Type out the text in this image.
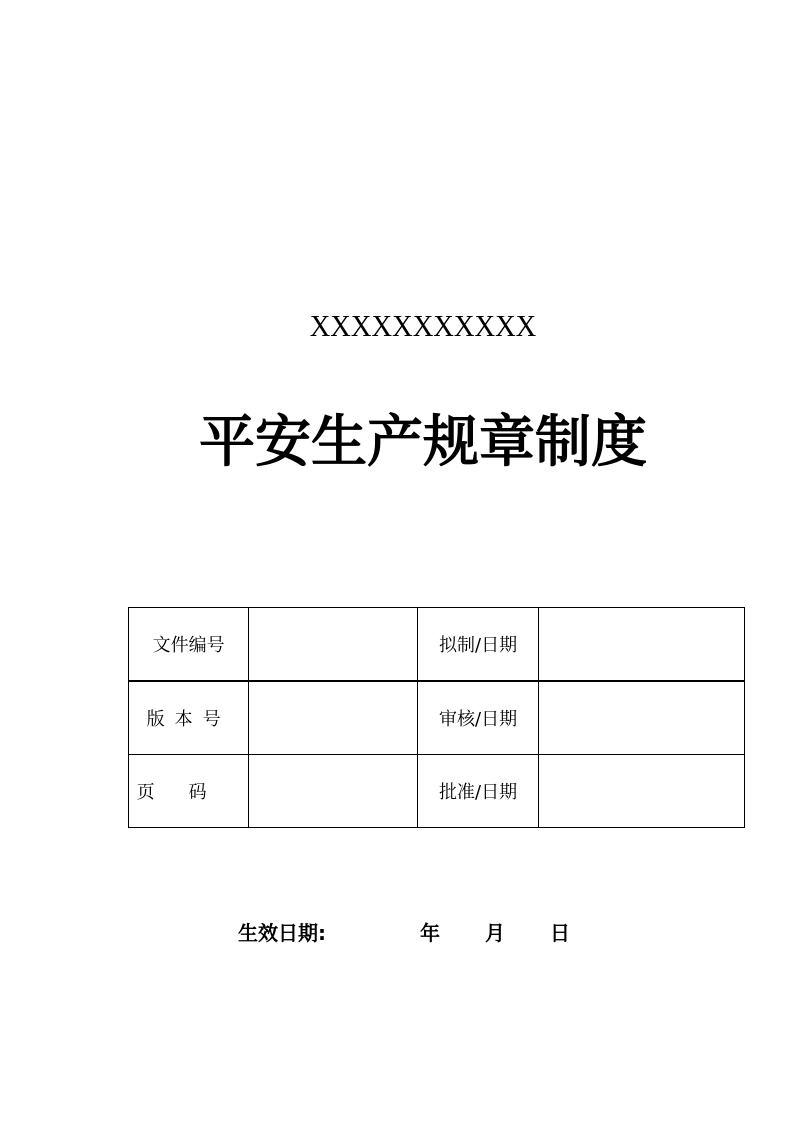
XXXXXXXXXXX
平安生产规章制度
文件编号		拟制/日期	
版本号		审核/日期	
页码		批准/日期	
生效日期:	年 月 日
